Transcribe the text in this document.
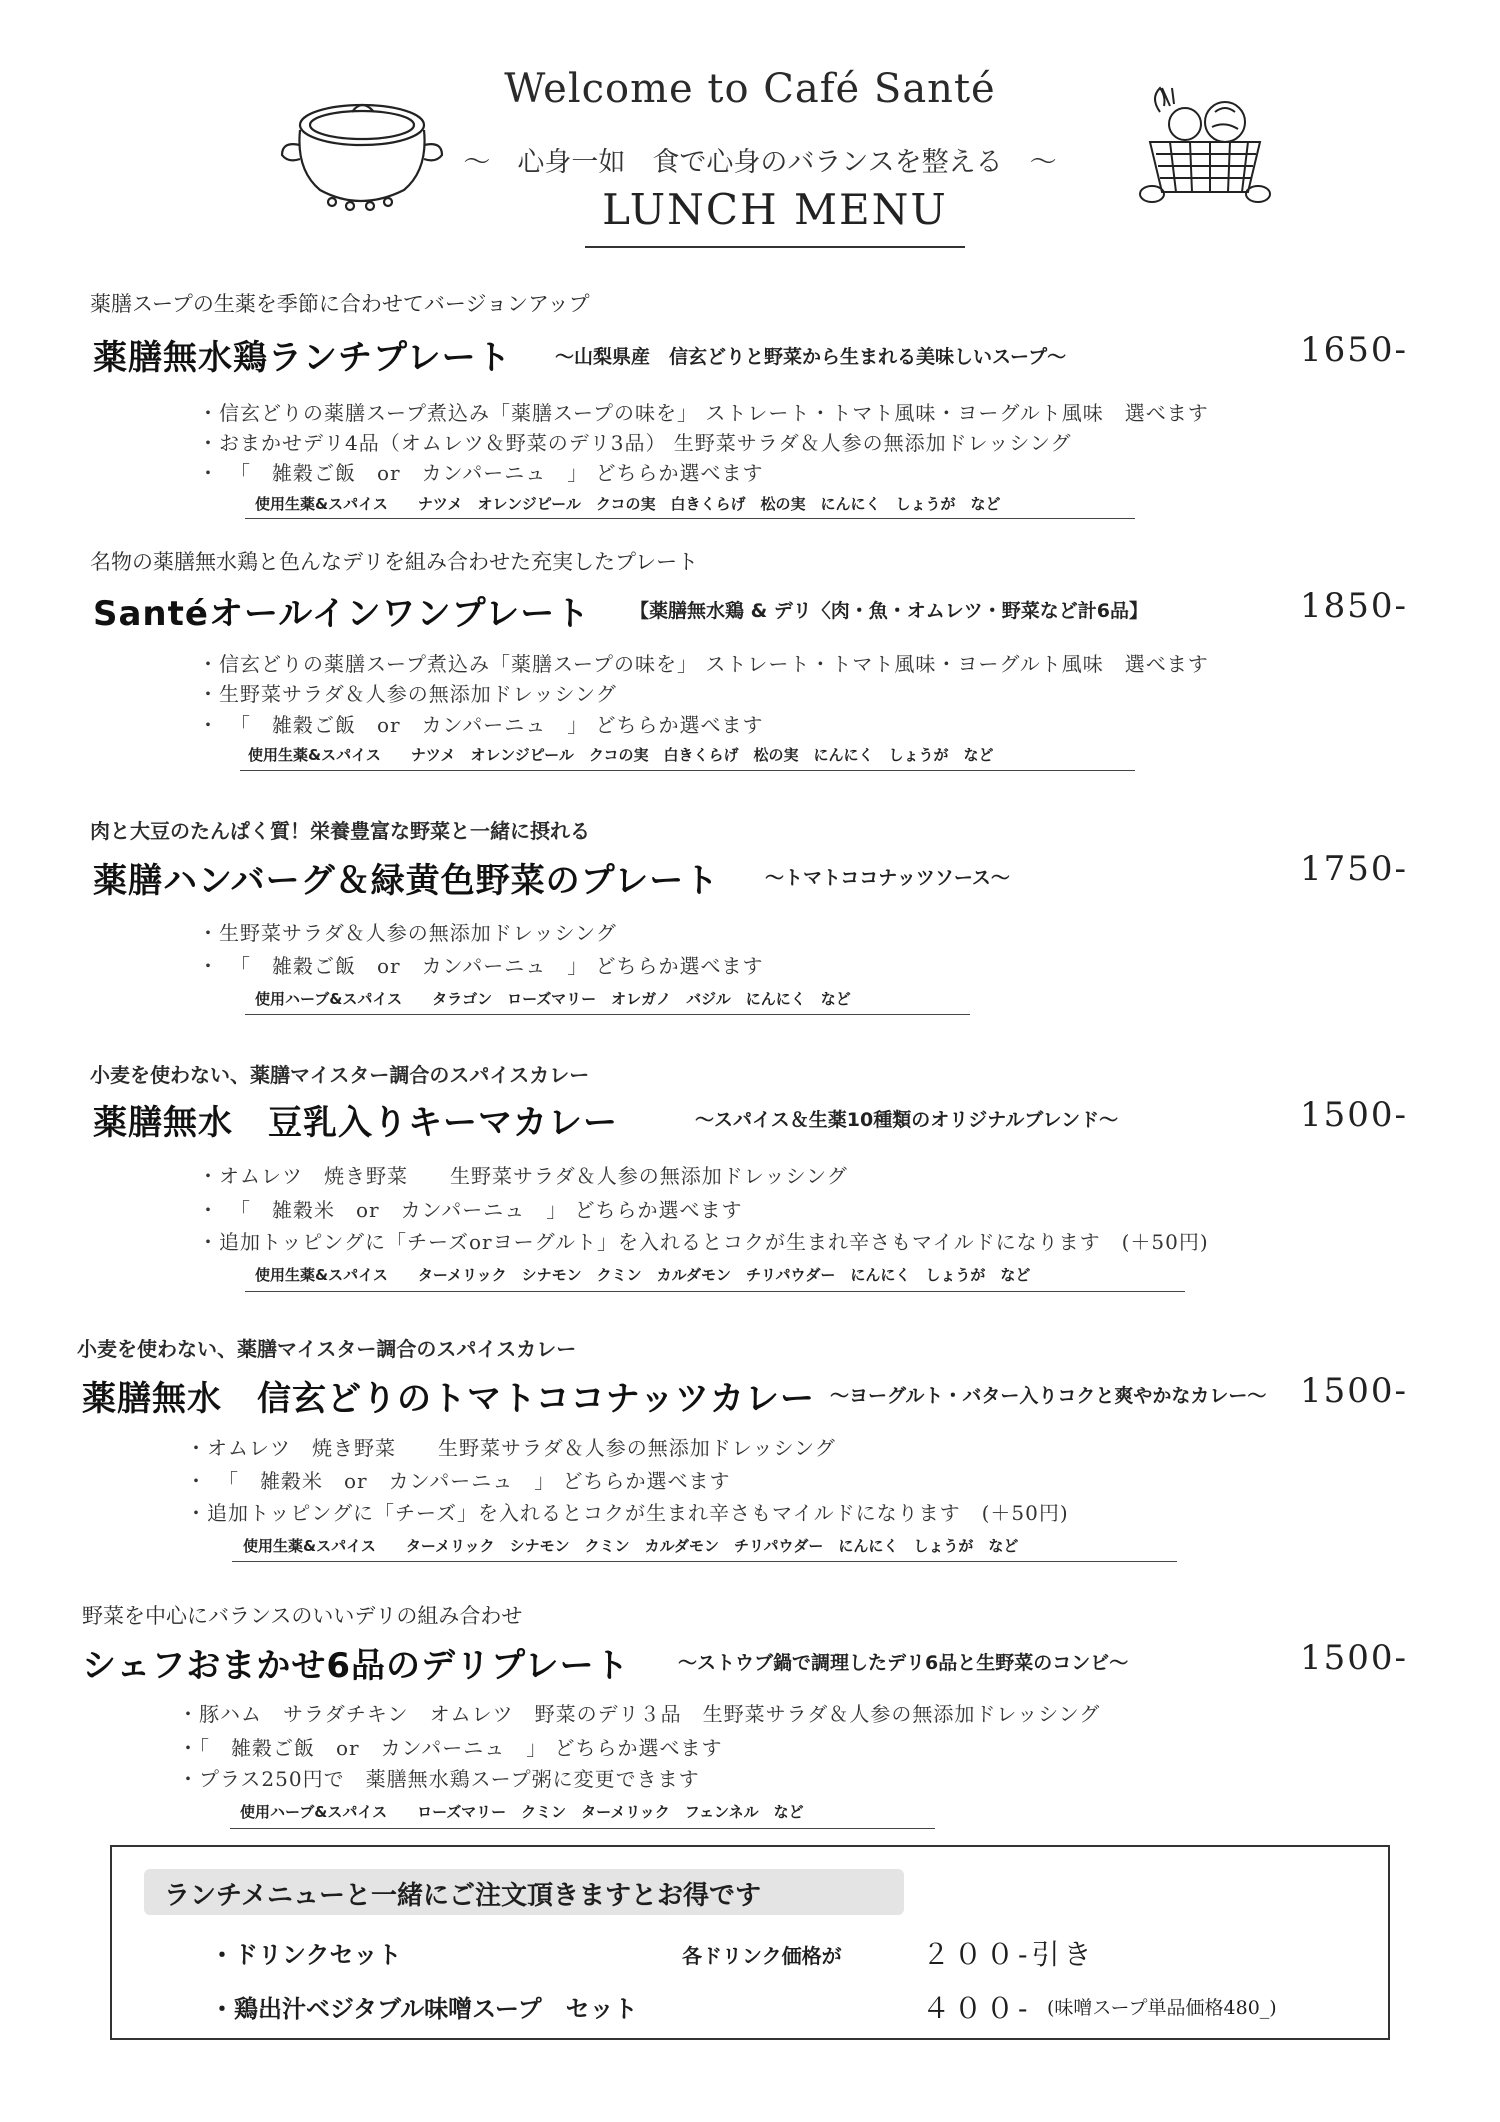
Welcome to Café Santé
〜　心身一如　食で心身のバランスを整える　〜
LUNCH MENU
薬膳スープの生薬を季節に合わせてバージョンアップ
薬膳無水鶏ランチプレート 〜山梨県産　信玄どりと野菜から生まれる美味しいスープ〜	1650-
・信玄どりの薬膳スープ煮込み「薬膳スープの味を」 ストレート・トマト風味・ヨーグルト風味　選べます
・おまかせデリ4品（オムレツ＆野菜のデリ3品） 生野菜サラダ＆人参の無添加ドレッシング
・　「　雑穀ご飯　or　カンパーニュ　」 どちらか選べます
使用生薬&スパイス　　ナツメ　オレンジピール　クコの実　白きくらげ　松の実　にんにく　しょうが　など
名物の薬膳無水鶏と色んなデリを組み合わせた充実したプレート
Santéオールインワンプレート 【薬膳無水鶏 & デリ〈肉・魚・オムレツ・野菜など計6品】	1850-
・信玄どりの薬膳スープ煮込み「薬膳スープの味を」 ストレート・トマト風味・ヨーグルト風味　選べます
・生野菜サラダ＆人参の無添加ドレッシング
・　「　雑穀ご飯　or　カンパーニュ　」 どちらか選べます
使用生薬&スパイス　　ナツメ　オレンジピール　クコの実　白きくらげ　松の実　にんにく　しょうが　など
肉と大豆のたんぱく質！栄養豊富な野菜と一緒に摂れる
薬膳ハンバーグ＆緑黄色野菜のプレート 〜トマトココナッツソース〜	1750-
・生野菜サラダ＆人参の無添加ドレッシング
・　「　雑穀ご飯　or　カンパーニュ　」 どちらか選べます
使用ハーブ&スパイス　　タラゴン　ローズマリー　オレガノ　バジル　にんにく　など
小麦を使わない、薬膳マイスター調合のスパイスカレー
薬膳無水　豆乳入りキーマカレー	〜スパイス＆生薬10種類のオリジナルブレンド〜	1500-
・オムレツ　焼き野菜　　生野菜サラダ＆人参の無添加ドレッシング
・　「　雑穀米　or　カンパーニュ　」 どちらか選べます
・追加トッピングに「チーズorヨーグルト」を入れるとコクが生まれ辛さもマイルドになります　(＋50円)
使用生薬&スパイス　　ターメリック　シナモン　クミン　カルダモン　チリパウダー　にんにく　しょうが　など
小麦を使わない、薬膳マイスター調合のスパイスカレー
薬膳無水　信玄どりのトマトココナッツカレー 〜ヨーグルト・バター入りコクと爽やかなカレー〜 1500-
・オムレツ　焼き野菜　　生野菜サラダ＆人参の無添加ドレッシング
・　「　雑穀米　or　カンパーニュ　」 どちらか選べます
・追加トッピングに「チーズ」を入れるとコクが生まれ辛さもマイルドになります　(＋50円)
使用生薬&スパイス　　ターメリック　シナモン　クミン　カルダモン　チリパウダー　にんにく　しょうが　など
野菜を中心にバランスのいいデリの組み合わせ
シェフおまかせ6品のデリプレート	〜ストウブ鍋で調理したデリ6品と生野菜のコンビ〜	1500-
・豚ハム　サラダチキン　オムレツ　野菜のデリ３品　生野菜サラダ＆人参の無添加ドレッシング
・「　雑穀ご飯　or　カンパーニュ　」 どちらか選べます
・プラス250円で　薬膳無水鶏スープ粥に変更できます
使用ハーブ&スパイス　　ローズマリー　クミン　ターメリック　フェンネル　など
ランチメニューと一緒にご注文頂きますとお得です
・ドリンクセット	各ドリンク価格が	２００-引き
・鶏出汁ベジタブル味噌スープ　セット	４００- (味噌スープ単品価格480_)
